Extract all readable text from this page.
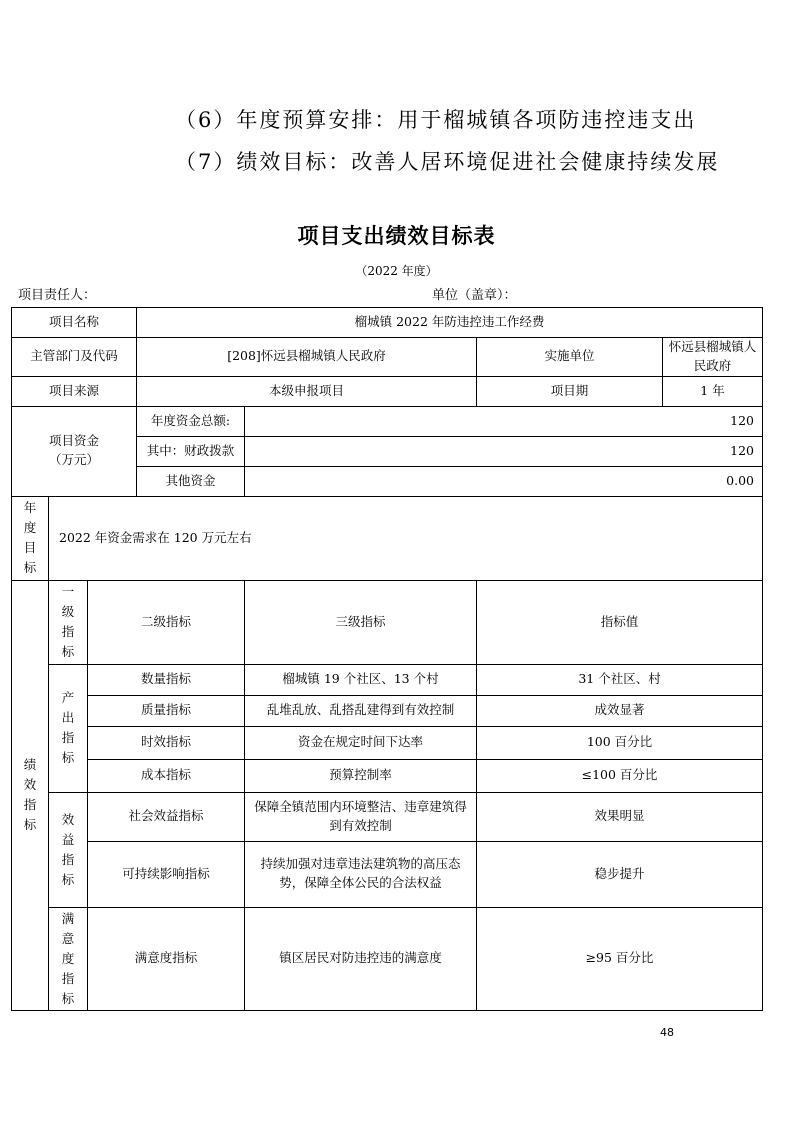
（6）年度预算安排：用于榴城镇各项防违控违支出
（7）绩效目标：改善人居环境促进社会健康持续发展
项目支出绩效目标表
（2022 年度）
项目责任人：	单位（盖章）：
项目名称			榴城镇 2022 年防违控违工作经费			
主管部门及代码			[208]怀远县榴城镇人民政府		实施单位	怀远县榴城镇人民政府
项目来源			本级申报项目		项目期	1 年

项目资金
（万元）			年度资金总额:	120		
			其中：财政拨款	120		
			其他资金	0.00		

年度目标	2022 年资金需求在 120 万元左右					

绩效指标	一级指标	二级指标		三级指标	指标值	

	产出指标	数量指标		榴城镇 19 个社区、13 个村	31 个社区、村	
		质量指标		乱堆乱放、乱搭乱建得到有效控制	成效显著	
		时效指标		资金在规定时间下达率	100 百分比	
		成本指标		预算控制率	≤100 百分比	

	效益指标	社会效益指标		保障全镇范围内环境整洁、违章建筑得到有效控制	效果明显	
		可持续影响指标		持续加强对违章违法建筑物的高压态势，保障全体公民的合法权益	稳步提升	

	满意度指标	满意度指标		镇区居民对防违控违的满意度	≥95 百分比	
48
